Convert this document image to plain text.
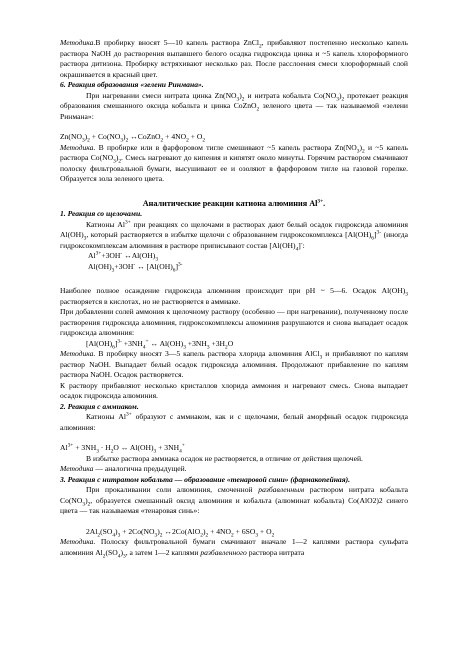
Методика.В пробирку вносят 5—10 капель раствора ZnCl$_2$, прибавляют постепенно несколько капель раствора NaOH до растворения выпавшего белого осадка гидроксида цинка и ~5 капель хлороформного раствора дитизона. Пробирку встряхивают несколько раз. После расслоения смеси хлороформный слой окрашивается в красный цвет.

6. Реакция образования «зелени Ринмана».

При нагревании смеси нитрата цинка $Zn(NO_3)_2$ и нитрата кобальта $Co(NO_3)_2$ протекает реакция образования смешанного оксида кобальта и цинка CoZnO$_2$ зеленого цвета — так называемой «зелени Ринмана»:

$Zn(NO_3)_2 + Co(NO_3)_2$ ↔CoZnO$_2$ + $4NO_2 + O_2$

Методика. В пробирке или в фарфоровом тигле смешивают ~5 капель раствора $Zn(NO_3)_2$ и ~5 капель раствора $Co(NO_3)_2$. Смесь нагревают до кипения и кипятят около минуты. Горячим раствором смачивают полоску фильтровальной бумаги, высушивают ее и озоляют в фарфоровом тигле на газовой горелке. Образуется зола зеленого цвета.

Аналитические реакции катиона алюминия $Al^{3+}$.

1. Реакция со щелочами.

Катионы $Al^{3+}$ при реакциях со щелочами в растворах дают белый осадок гидроксида алюминия $Al(OH)_3$, который растворяется в избытке щелочи с образованием гидроксокомплекса $[Al(OH)_6]^{3-}$ (иногда гидроксокомплексам алюминия в растворе приписывают состав $[Al(OH)_4]^-$:

$Al^{3+}+3OH^-$ $\leftrightarrow Al(OH)_3$

$Al(OH)_3+3OH^-$ ↔ $[Al(OH)_6]^{3-}$

Наиболее полное осаждение гидроксида алюминия происходит при pH ~ 5—6. Осадок $Al(OH)_3$ растворяется в кислотах, но не растворяется в аммиаке.

При добавлении солей аммония к щелочному раствору (особенно — при нагревании), полученному после растворения гидроксида алюминия, гидроксокомплексы алюминия разрушаются и снова выпадает осадок гидроксида алюминия:

$[Al(OH)_6]^{3-} +3NH_4^+$ ↔ $Al(OH)_3 +3NH_3 +3H_2O$

Методика. В пробирку вносят 3—5 капель раствора хлорида алюминия AlCl$_3$ и прибавляют по каплям раствор NaOH. Выпадает белый осадок гидроксида алюминия. Продолжают прибавление по каплям раствора NaOH. Осадок растворяется.

К раствору прибавляют несколько кристаллов хлорида аммония и нагревают смесь. Снова выпадает осадок гидроксида алюминия.

2. Реакция с аммиаком.

Катионы $Al^{3+}$ образуют с аммиаком, как и с щелочами, белый аморфный осадок гидроксида алюминия:

$Al^{3+} + 3NH_3 \cdot H_2O$ ↔ $Al(OH)_3 + 3NH_4^+$

В избытке раствора аммиака осадок не растворяется, в отличие от действия щелочей.

Методика — аналогична предыдущей.

3. Реакция с нитратом кобальта — образование «тенаровой сини» (фармакопейная).

При прокаливании соли алюминия, смоченной разбавленным раствором нитрата кобальта $Co(NO_3)_2$, образуется смешанный оксид алюминия и кобальта (алюминат кобальта) Co(AlO2)2 синего цвета — так называемая «тенаровая синь»:

$2Al_2(SO_4)_3 + 2Co(NO_3)_2$ $\leftrightarrow 2Co(AlO_2)_2 + 4NO_2 + 6SO_3 + O_2$

Методика. Полоску фильтровальной бумаги смачивают вначале 1—2 каплями раствора сульфата алюминия $Al_2(SO_4)_3$, а затем 1—2 каплями разбавленного раствора нитрата
